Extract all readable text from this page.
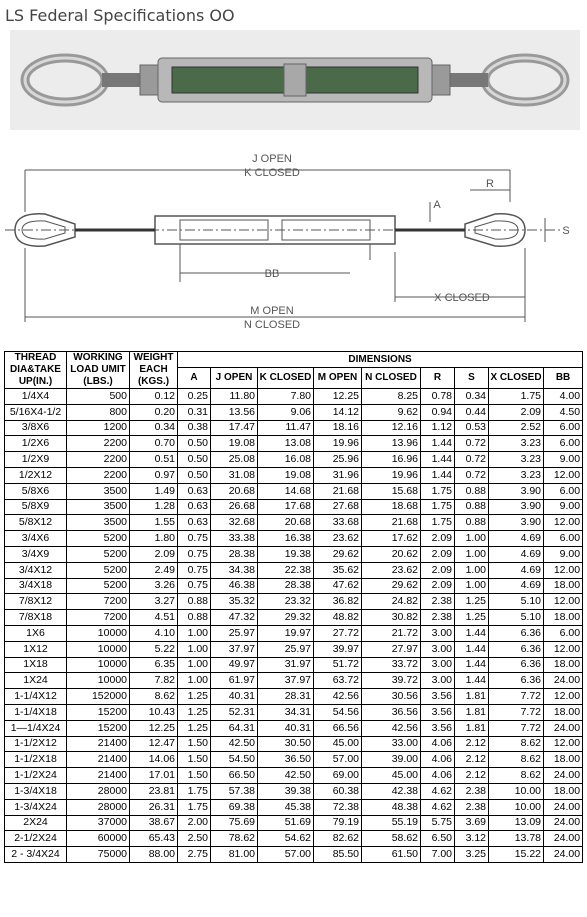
LS Federal Specifications OO
J OPEN
K CLOSED
R
A
S
BB
X CLOSED
M OPEN
N CLOSED
THREAD DIA&TAKE UP(IN.)	WORKING LOAD UMIT (LBS.)	WEIGHT EACH (KGS.)	DIMENSIONS								
			A	J OPEN	K CLOSED	M OPEN	N CLOSED	R	S	X CLOSED	BB
1/4X4	500	0.12	0.25	11.80	7.80	12.25	8.25	0.78	0.34	1.75	4.00
5/16X4-1/2	800	0.20	0.31	13.56	9.06	14.12	9.62	0.94	0.44	2.09	4.50
3/8X6	1200	0.34	0.38	17.47	11.47	18.16	12.16	1.12	0.53	2.52	6.00
1/2X6	2200	0.70	0.50	19.08	13.08	19.96	13.96	1.44	0.72	3.23	6.00
1/2X9	2200	0.51	0.50	25.08	16.08	25.96	16.96	1.44	0.72	3.23	9.00
1/2X12	2200	0.97	0.50	31.08	19.08	31.96	19.96	1.44	0.72	3.23	12.00
5/8X6	3500	1.49	0.63	20.68	14.68	21.68	15.68	1.75	0.88	3.90	6.00
5/8X9	3500	1.28	0.63	26.68	17.68	27.68	18.68	1.75	0.88	3.90	9.00
5/8X12	3500	1.55	0.63	32.68	20.68	33.68	21.68	1.75	0.88	3.90	12.00
3/4X6	5200	1.80	0.75	33.38	16.38	23.62	17.62	2.09	1.00	4.69	6.00
3/4X9	5200	2.09	0.75	28.38	19.38	29.62	20.62	2.09	1.00	4.69	9.00
3/4X12	5200	2.49	0.75	34.38	22.38	35.62	23.62	2.09	1.00	4.69	12.00
3/4X18	5200	3.26	0.75	46.38	28.38	47.62	29.62	2.09	1.00	4.69	18.00
7/8X12	7200	3.27	0.88	35.32	23.32	36.82	24.82	2.38	1.25	5.10	12.00
7/8X18	7200	4.51	0.88	47.32	29.32	48.82	30.82	2.38	1.25	5.10	18.00
1X6	10000	4.10	1.00	25.97	19.97	27.72	21.72	3.00	1.44	6.36	6.00
1X12	10000	5.22	1.00	37.97	25.97	39.97	27.97	3.00	1.44	6.36	12.00
1X18	10000	6.35	1.00	49.97	31.97	51.72	33.72	3.00	1.44	6.36	18.00
1X24	10000	7.82	1.00	61.97	37.97	63.72	39.72	3.00	1.44	6.36	24.00
1-1/4X12	152000	8.62	1.25	40.31	28.31	42.56	30.56	3.56	1.81	7.72	12.00
1-1/4X18	15200	10.43	1.25	52.31	34.31	54.56	36.56	3.56	1.81	7.72	18.00
1—1/4X24	15200	12.25	1.25	64.31	40.31	66.56	42.56	3.56	1.81	7.72	24.00
1-1/2X12	21400	12.47	1.50	42.50	30.50	45.00	33.00	4.06	2.12	8.62	12.00
1-1/2X18	21400	14.06	1.50	54.50	36.50	57.00	39.00	4.06	2.12	8.62	18.00
1-1/2X24	21400	17.01	1.50	66.50	42.50	69.00	45.00	4.06	2.12	8.62	24.00
1-3/4X18	28000	23.81	1.75	57.38	39.38	60.38	42.38	4.62	2.38	10.00	18.00
1-3/4X24	28000	26.31	1.75	69.38	45.38	72.38	48.38	4.62	2.38	10.00	24.00
2X24	37000	38.67	2.00	75.69	51.69	79.19	55.19	5.75	3.69	13.09	24.00
2-1/2X24	60000	65.43	2.50	78.62	54.62	82.62	58.62	6.50	3.12	13.78	24.00
2 - 3/4X24	75000	88.00	2.75	81.00	57.00	85.50	61.50	7.00	3.25	15.22	24.00
